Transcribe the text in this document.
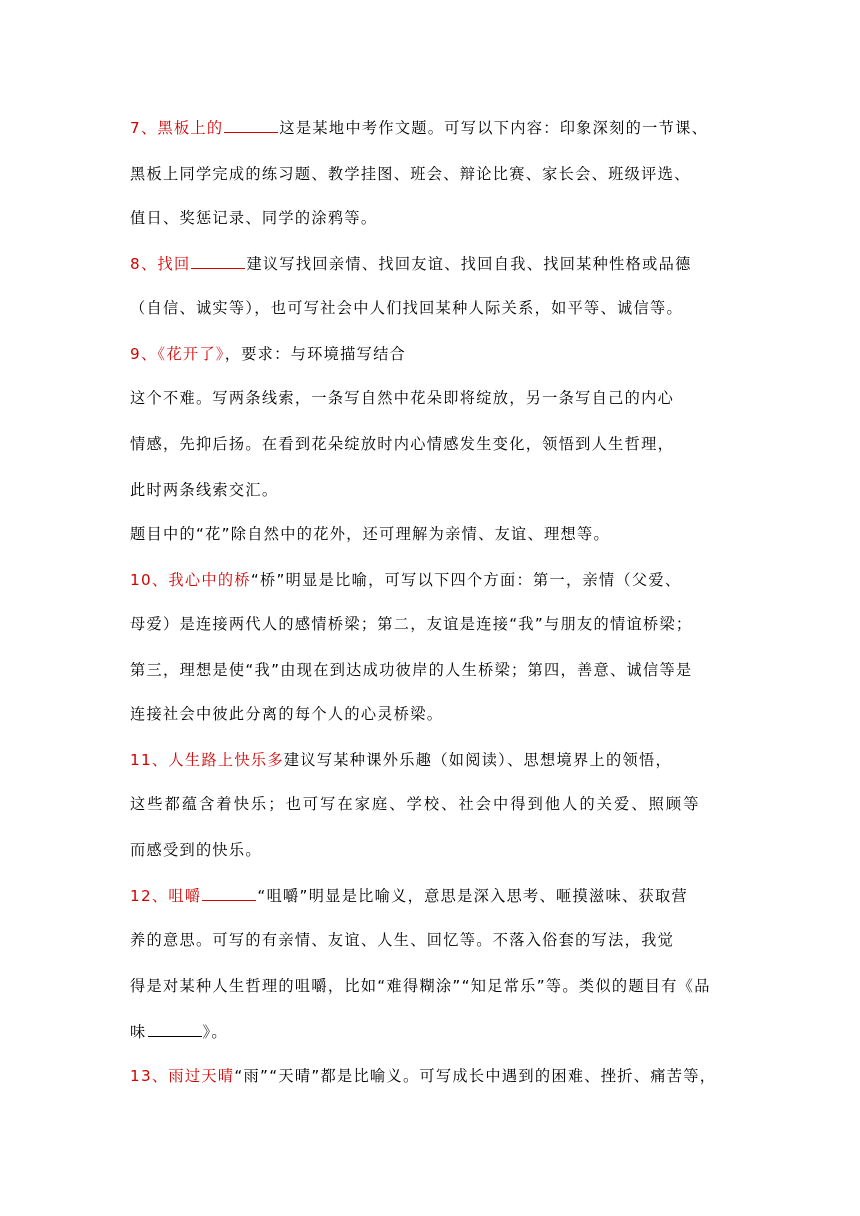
7、黑板上的	这是某地中考作文题。可写以下内容：印象深刻的一节课、
黑板上同学完成的练习题、教学挂图、班会、辩论比赛、家长会、班级评选、
值日、奖惩记录、同学的涂鸦等。
8、找回	建议写找回亲情、找回友谊、找回自我、找回某种性格或品德
（自信、诚实等），也可写社会中人们找回某种人际关系，如平等、诚信等。
9、《花开了》，要求：与环境描写结合
这个不难。写两条线索，一条写自然中花朵即将绽放，另一条写自己的内心
情感，先抑后扬。在看到花朵绽放时内心情感发生变化，领悟到人生哲理，
此时两条线索交汇。
题目中的“花”除自然中的花外，还可理解为亲情、友谊、理想等。
10、我心中的桥“桥”明显是比喻，可写以下四个方面：第一，亲情（父爱、
母爱）是连接两代人的感情桥梁；第二，友谊是连接“我”与朋友的情谊桥梁；
第三，理想是使“我”由现在到达成功彼岸的人生桥梁；第四，善意、诚信等是
连接社会中彼此分离的每个人的心灵桥梁。
11、人生路上快乐多建议写某种课外乐趣（如阅读）、思想境界上的领悟，
这些都蕴含着快乐；也可写在家庭、学校、社会中得到他人的关爱、照顾等
而感受到的快乐。
12、咀嚼	“咀嚼”明显是比喻义，意思是深入思考、咂摸滋味、获取营
养的意思。可写的有亲情、友谊、人生、回忆等。不落入俗套的写法，我觉
得是对某种人生哲理的咀嚼，比如“难得糊涂”“知足常乐”等。类似的题目有《品
味	》。
13、雨过天晴“雨”“天晴”都是比喻义。可写成长中遇到的困难、挫折、痛苦等，
